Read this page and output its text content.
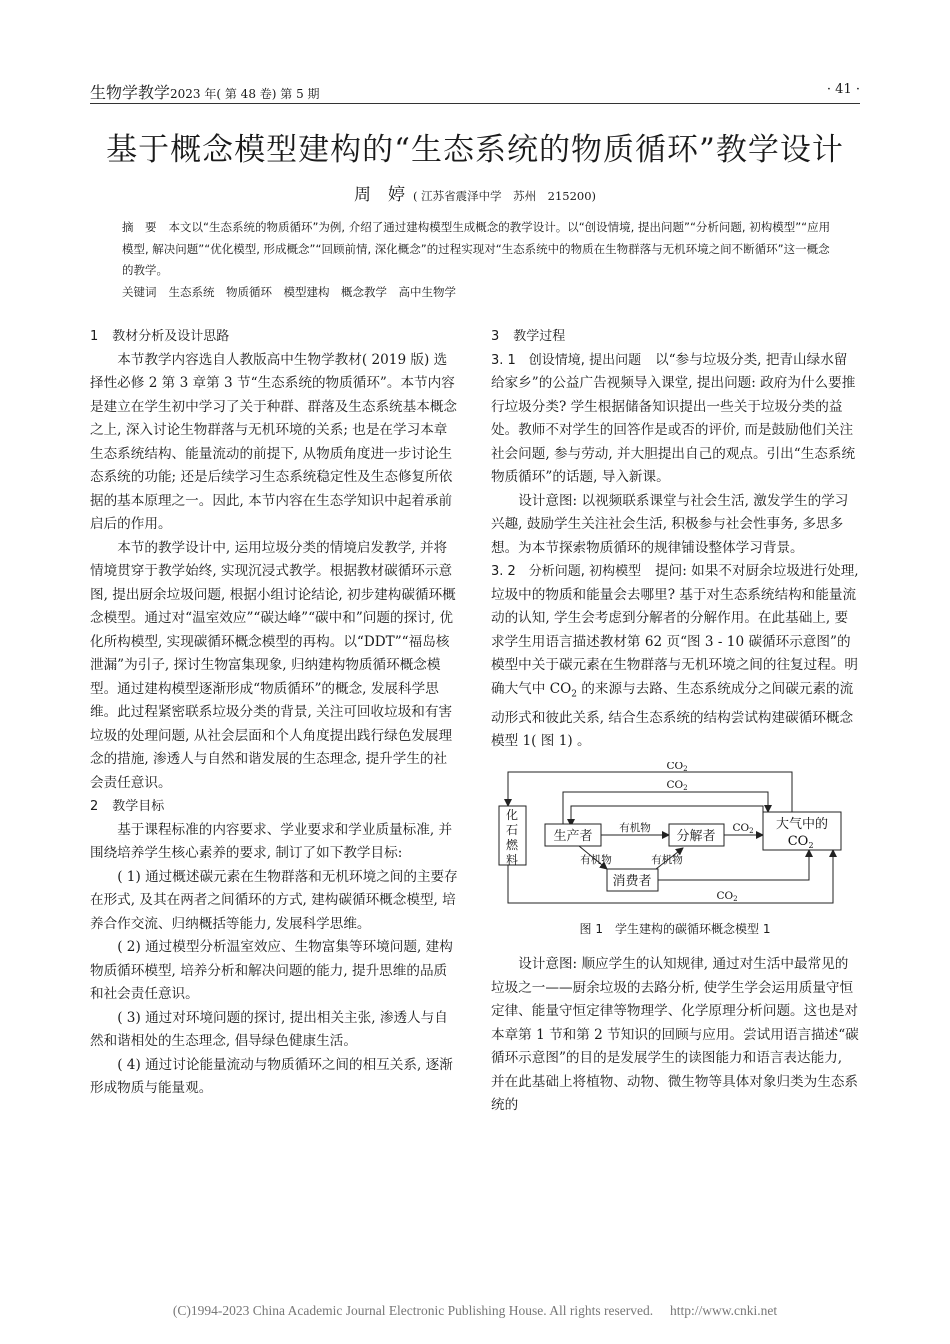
生物学教学2023 年( 第 48 卷) 第 5 期	· 41 ·
基于概念模型建构的“生态系统的物质循环”教学设计
周　婷 ( 江苏省震泽中学　苏州　215200)

摘　要 本文以“生态系统的物质循环”为例, 介绍了通过建构模型生成概念的教学设计。以“创设情境, 提出问题”“分析问题, 初构模型”“应用模型, 解决问题”“优化模型, 形成概念”“回顾前情, 深化概念”的过程实现对“生态系统中的物质在生物群落与无机环境之间不断循环”这一概念的教学。

关键词 生态系统　物质循环　模型建构　概念教学　高中生物学

1 教材分析及设计思路

本节教学内容选自人教版高中生物学教材( 2019 版) 选择性必修 2 第 3 章第 3 节“生态系统的物质循环”。本节内容是建立在学生初中学习了关于种群、群落及生态系统基本概念之上, 深入讨论生物群落与无机环境的关系; 也是在学习本章生态系统结构、能量流动的前提下, 从物质角度进一步讨论生态系统的功能; 还是后续学习生态系统稳定性及生态修复所依据的基本原理之一。因此, 本节内容在生态学知识中起着承前启后的作用。

本节的教学设计中, 运用垃圾分类的情境启发教学, 并将情境贯穿于教学始终, 实现沉浸式教学。根据教材碳循环示意图, 提出厨余垃圾问题, 根据小组讨论结论, 初步建构碳循环概念模型。通过对“温室效应”“碳达峰”“碳中和”问题的探讨, 优化所构模型, 实现碳循环概念模型的再构。以“DDT”“福岛核泄漏”为引子, 探讨生物富集现象, 归纳建构物质循环概念模型。通过建构模型逐渐形成“物质循环”的概念, 发展科学思维。此过程紧密联系垃圾分类的背景, 关注可回收垃圾和有害垃圾的处理问题, 从社会层面和个人角度提出践行绿色发展理念的措施, 渗透人与自然和谐发展的生态理念, 提升学生的社会责任意识。

2 教学目标

基于课程标准的内容要求、学业要求和学业质量标准, 并围绕培养学生核心素养的要求, 制订了如下教学目标:

( 1) 通过概述碳元素在生物群落和无机环境之间的主要存在形式, 及其在两者之间循环的方式, 建构碳循环概念模型, 培养合作交流、归纳概括等能力, 发展科学思维。

( 2) 通过模型分析温室效应、生物富集等环境问题, 建构物质循环模型, 培养分析和解决问题的能力, 提升思维的品质和社会责任意识。

( 3) 通过对环境问题的探讨, 提出相关主张, 渗透人与自然和谐相处的生态理念, 倡导绿色健康生活。

( 4) 通过讨论能量流动与物质循环之间的相互关系, 逐渐形成物质与能量观。

3 教学过程

3. 1　创设情境, 提出问题 以“参与垃圾分类, 把青山绿水留给家乡”的公益广告视频导入课堂, 提出问题: 政府为什么要推行垃圾分类? 学生根据储备知识提出一些关于垃圾分类的益处。教师不对学生的回答作是或否的评价, 而是鼓励他们关注社会问题, 参与劳动, 并大胆提出自己的观点。引出“生态系统物质循环”的话题, 导入新课。

设计意图: 以视频联系课堂与社会生活, 激发学生的学习兴趣, 鼓励学生关注社会生活, 积极参与社会性事务, 多思多想。为本节探索物质循环的规律铺设整体学习背景。

3. 2　分析问题, 初构模型 提问: 如果不对厨余垃圾进行处理, 垃圾中的物质和能量会去哪里? 基于对生态系统结构和能量流动的认知, 学生会考虑到分解者的分解作用。在此基础上, 要求学生用语言描述教材第 62 页“图 3 - 10 碳循环示意图”的模型中关于碳元素在生物群落与无机环境之间的往复过程。明确大气中 $CO_2$ 的来源与去路、生态系统成分之间碳元素的流动形式和彼此关系, 结合生态系统的结构尝试构建碳循环概念模型 1( 图 1) 。

化石燃料
生产者	分解者
消费者
大气中的
CO 2
CO2
CO2
有机物	CO2
有机物	有机物
CO2

图 1 学生建构的碳循环概念模型 1

设计意图: 顺应学生的认知规律, 通过对生活中最常见的垃圾之一——厨余垃圾的去路分析, 使学生学会运用质量守恒定律、能量守恒定律等物理学、化学原理分析问题。这也是对本章第 1 节和第 2 节知识的回顾与应用。尝试用语言描述“碳循环示意图”的目的是发展学生的读图能力和语言表达能力, 并在此基础上将植物、动物、微生物等具体对象归类为生态系统的

(C)1994-2023 China Academic Journal Electronic Publishing House. All rights reserved.　 http://www.cnki.net
